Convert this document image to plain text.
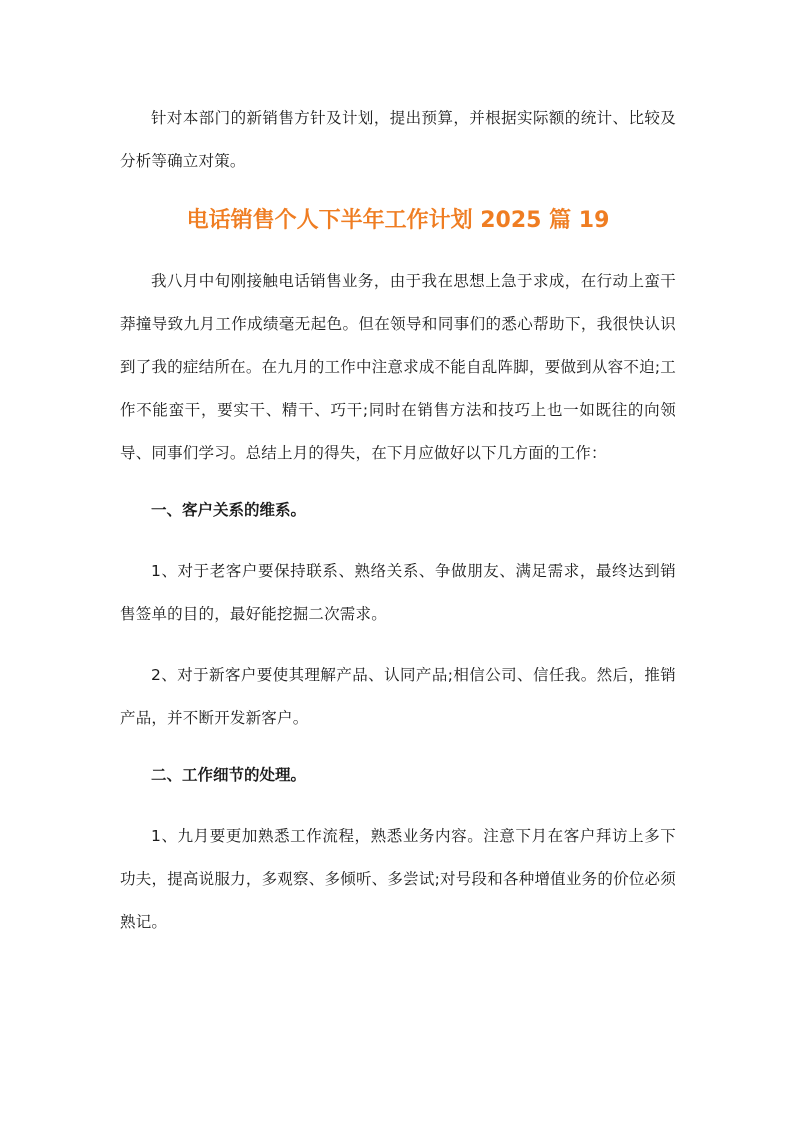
针对本部门的新销售方针及计划，提出预算，并根据实际额的统计、比较及分析等确立对策。

电话销售个人下半年工作计划 2025 篇 19

我八月中旬刚接触电话销售业务，由于我在思想上急于求成，在行动上蛮干莽撞导致九月工作成绩毫无起色。但在领导和同事们的悉心帮助下，我很快认识到了我的症结所在。在九月的工作中注意求成不能自乱阵脚，要做到从容不迫;工作不能蛮干，要实干、精干、巧干;同时在销售方法和技巧上也一如既往的向领导、同事们学习。总结上月的得失，在下月应做好以下几方面的工作：

一、客户关系的维系。

1、对于老客户要保持联系、熟络关系、争做朋友、满足需求，最终达到销售签单的目的，最好能挖掘二次需求。

2、对于新客户要使其理解产品、认同产品;相信公司、信任我。然后，推销产品，并不断开发新客户。

二、工作细节的处理。

1、九月要更加熟悉工作流程，熟悉业务内容。注意下月在客户拜访上多下功夫，提高说服力，多观察、多倾听、多尝试;对号段和各种增值业务的价位必须熟记。
